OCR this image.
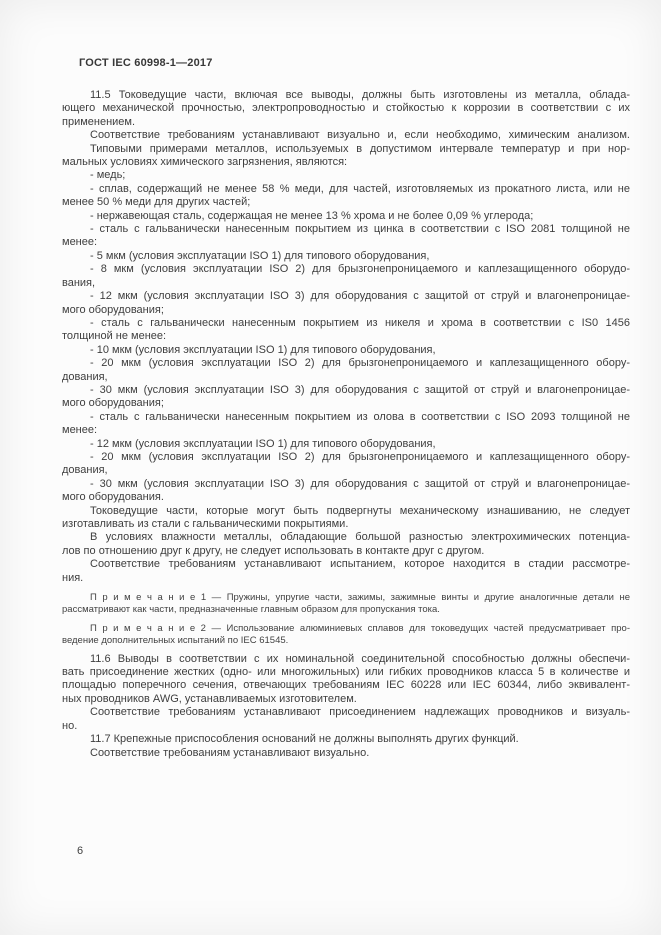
ГОСТ IEC 60998-1—2017
11.5 Токоведущие части, включая все выводы, должны быть изготовлены из металла, облада-
ющего механической прочностью, электропроводностью и стойкостью к коррозии в соответствии с их
применением.
Соответствие требованиям устанавливают визуально и, если необходимо, химическим анализом.
Типовыми примерами металлов, используемых в допустимом интервале температур и при нор-
мальных условиях химического загрязнения, являются:
- медь;
- сплав, содержащий не менее 58 % меди, для частей, изготовляемых из прокатного листа, или не
менее 50 % меди для других частей;
- нержавеющая сталь, содержащая не менее 13 % хрома и не более 0,09 % углерода;
- сталь с гальванически нанесенным покрытием из цинка в соответствии с ISO 2081 толщиной не
менее:
- 5 мкм (условия эксплуатации ISO 1) для типового оборудования,
- 8 мкм (условия эксплуатации ISO 2) для брызгонепроницаемого и каплезащищенного оборудо-
вания,
- 12 мкм (условия эксплуатации ISO 3) для оборудования с защитой от струй и влагонепроницае-
мого оборудования;
- сталь с гальванически нанесенным покрытием из никеля и хрома в соответствии с IS0 1456
толщиной не менее:
- 10 мкм (условия эксплуатации ISO 1) для типового оборудования,
- 20 мкм (условия эксплуатации ISO 2) для брызгонепроницаемого и каплезащищенного обору-
дования,
- 30 мкм (условия эксплуатации ISO 3) для оборудования с защитой от струй и влагонепроницае-
мого оборудования;
- сталь с гальванически нанесенным покрытием из олова в соответствии с ISO 2093 толщиной не
менее:
- 12 мкм (условия эксплуатации ISO 1) для типового оборудования,
- 20 мкм (условия эксплуатации ISO 2) для брызгонепроницаемого и каплезащищенного обору-
дования,
- 30 мкм (условия эксплуатации ISO 3) для оборудования с защитой от струй и влагонепроницае-
мого оборудования.
Токоведущие части, которые могут быть подвергнуты механическому изнашиванию, не следует
изготавливать из стали с гальваническими покрытиями.
В условиях влажности металлы, обладающие большой разностью электрохимических потенциа-
лов по отношению друг к другу, не следует использовать в контакте друг с другом.
Соответствие требованиям устанавливают испытанием, которое находится в стадии рассмотре-
ния.
П р и м е ч а н и е 1 — Пружины, упругие части, зажимы, зажимные винты и другие аналогичные детали не
рассматривают как части, предназначенные главным образом для пропускания тока.
П р и м е ч а н и е 2 — Использование алюминиевых сплавов для токоведущих частей предусматривает про-
ведение дополнительных испытаний по IEC 61545.
11.6 Выводы в соответствии с их номинальной соединительной способностью должны обеспечи-
вать присоединение жестких (одно- или многожильных) или гибких проводников класса 5 в количестве и
площадью поперечного сечения, отвечающих требованиям IEC 60228 или IEC 60344, либо эквивалент-
ных проводников AWG, устанавливаемых изготовителем.
Соответствие требованиям устанавливают присоединением надлежащих проводников и визуаль-
но.
11.7 Крепежные приспособления оснований не должны выполнять других функций.
Соответствие требованиям устанавливают визуально.
6
